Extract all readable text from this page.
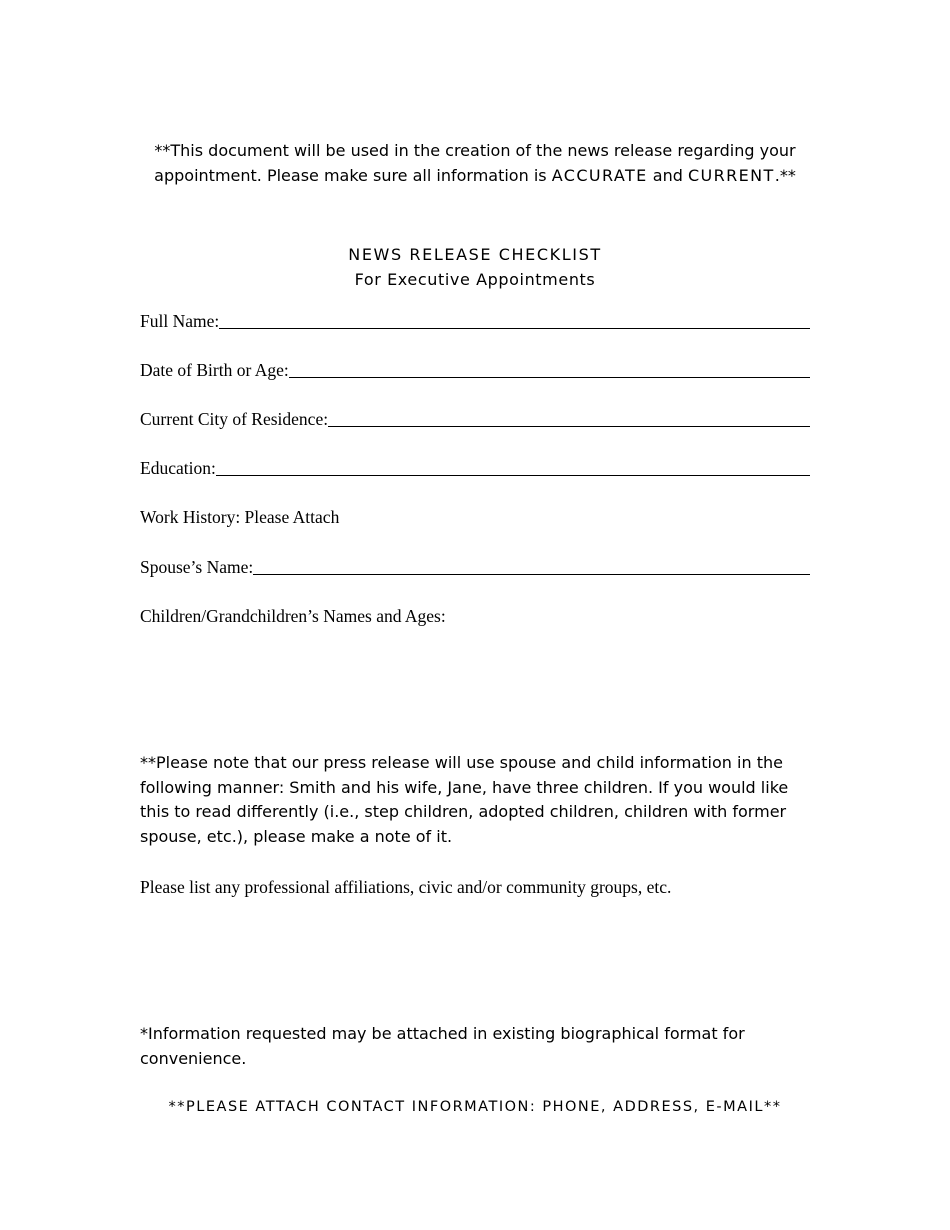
**This document will be used in the creation of the news release regarding your
appointment. Please make sure all information is ACCURATE and CURRENT.**
NEWS RELEASE CHECKLIST
For Executive Appointments
Full Name:
Date of Birth or Age:
Current City of Residence:
Education:
Work History: Please Attach
Spouse’s Name:
Children/Grandchildren’s Names and Ages:
**Please note that our press release will use spouse and child information in the
following manner: Smith and his wife, Jane, have three children. If you would like
this to read differently (i.e., step children, adopted children, children with former
spouse, etc.), please make a note of it.
Please list any professional affiliations, civic and/or community groups, etc.
*Information requested may be attached in existing biographical format for
convenience.
**PLEASE ATTACH CONTACT INFORMATION: PHONE, ADDRESS, E-MAIL**
